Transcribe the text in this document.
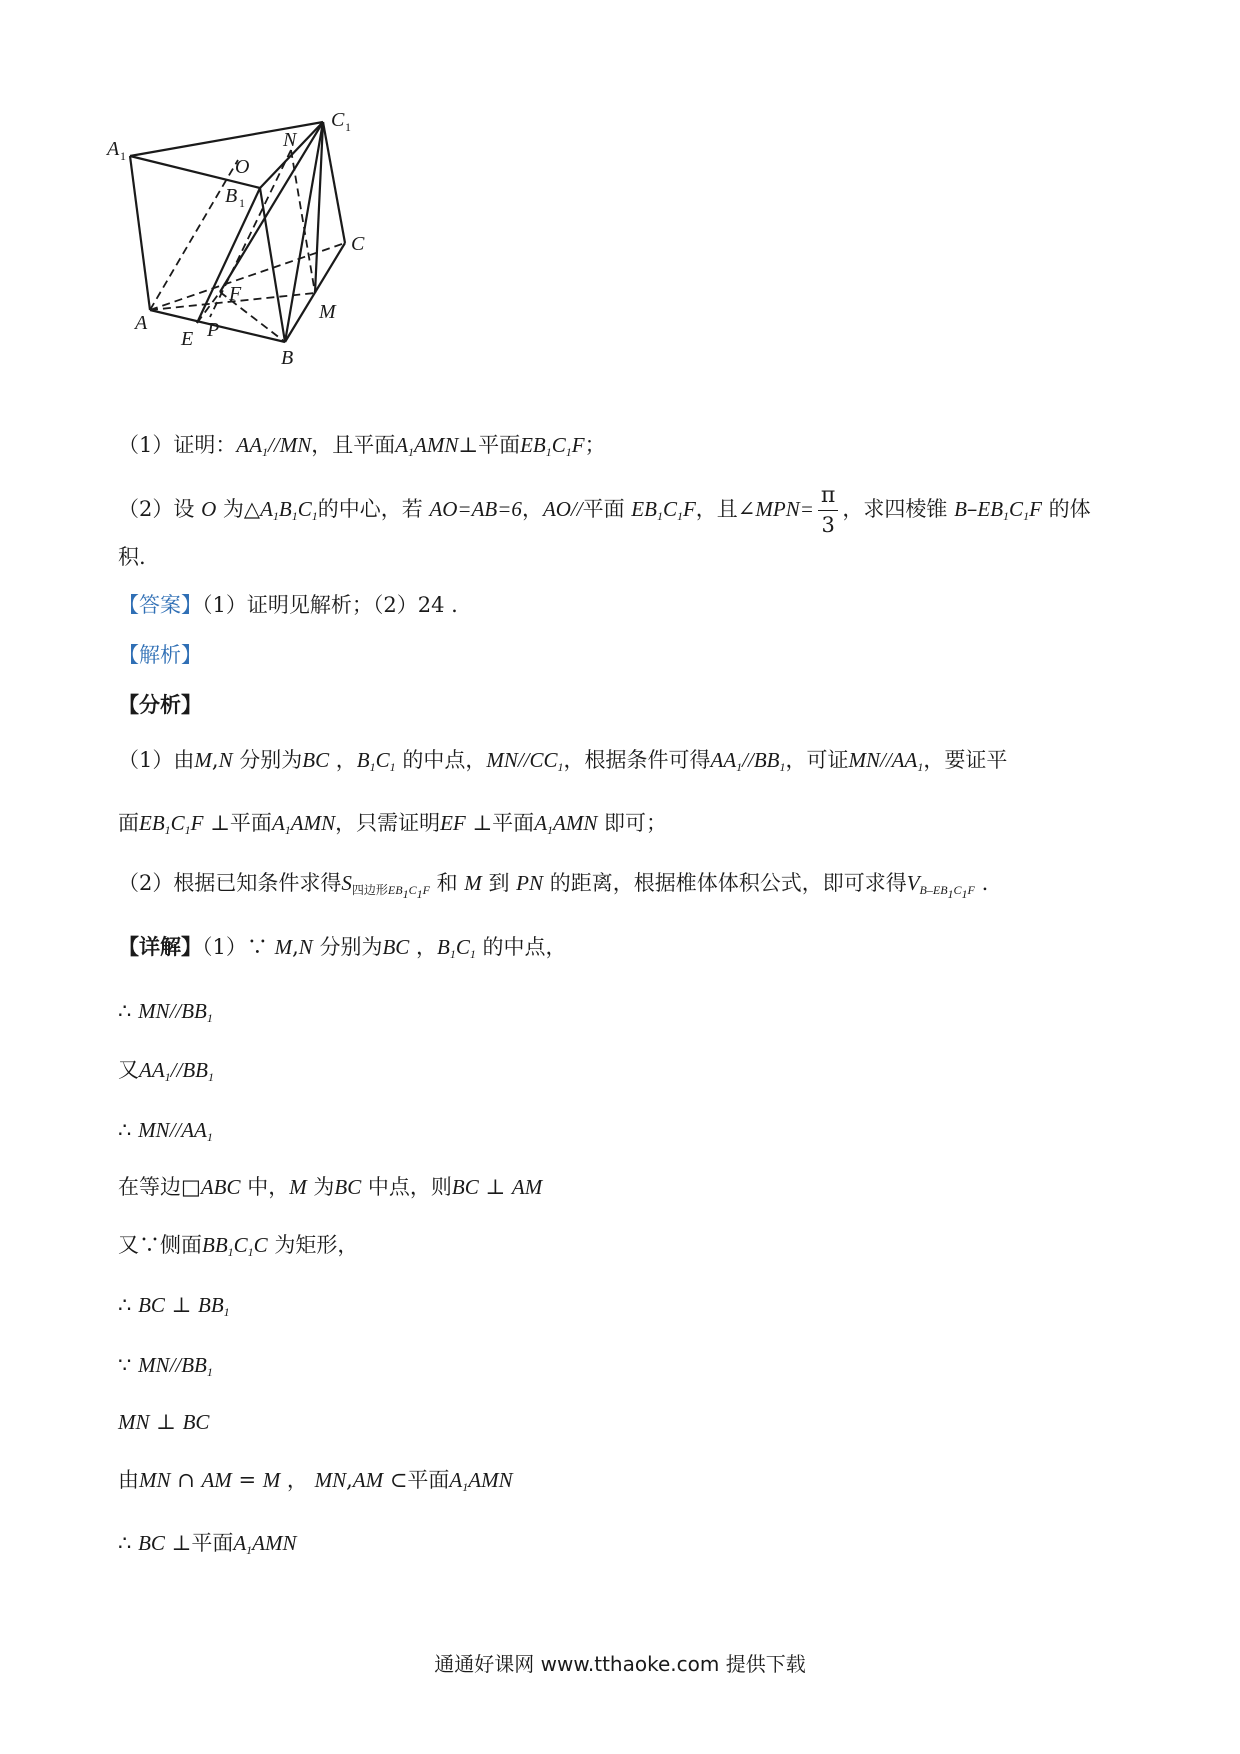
A 1
C 1
N
O
B 1
C
F
A	P
M
E
B
（1）证明：$AA_1//MN$，且平面$A_1AMN\perp$平面$EB_1C_1F$；
（2）设 O 为$\triangle A_1B_1C_1$的中心，若 AO=AB=6，AO//平面 $EB_1C_1F$，且∠MPN= $\frac{\pi}{3}$ ，求四棱锥 $B-EB_1C_1F$ 的体
积.
【答案】（1）证明见解析；（2）24 .
【解析】
【分析】
（1）由M,N 分别为BC ，$B_1C_1$ 的中点，$MN//CC_1$，根据条件可得$AA_1//BB_1$，可证$MN//AA_1$，要证平
面$EB_1C_1F$ ⊥平面$A_1AMN$，只需证明EF ⊥平面$A_1AMN$ 即可；
（2）根据已知条件求得$S_{四边形EB_1C_1F}$ 和 M 到 PN 的距离，根据椎体体积公式，即可求得$V_{B-EB_1C_1F}$ .
【详解】（1）∵ M,N 分别为BC ，$B_1C_1$ 的中点，
∴ $MN//BB_1$
又$AA_1//BB_1$
∴ $MN//AA_1$
在等边□ABC 中，M 为BC 中点，则BC ⊥ AM
又∵侧面$BB_1C_1C$ 为矩形，
∴ BC ⊥ $BB_1$
∵ $MN//BB_1$
MN ⊥ BC
由MN ∩ AM = M ， MN,AM ⊂平面$A_1AMN$
∴ BC ⊥平面$A_1AMN$
通通好课网 www.tthaoke.com 提供下载
